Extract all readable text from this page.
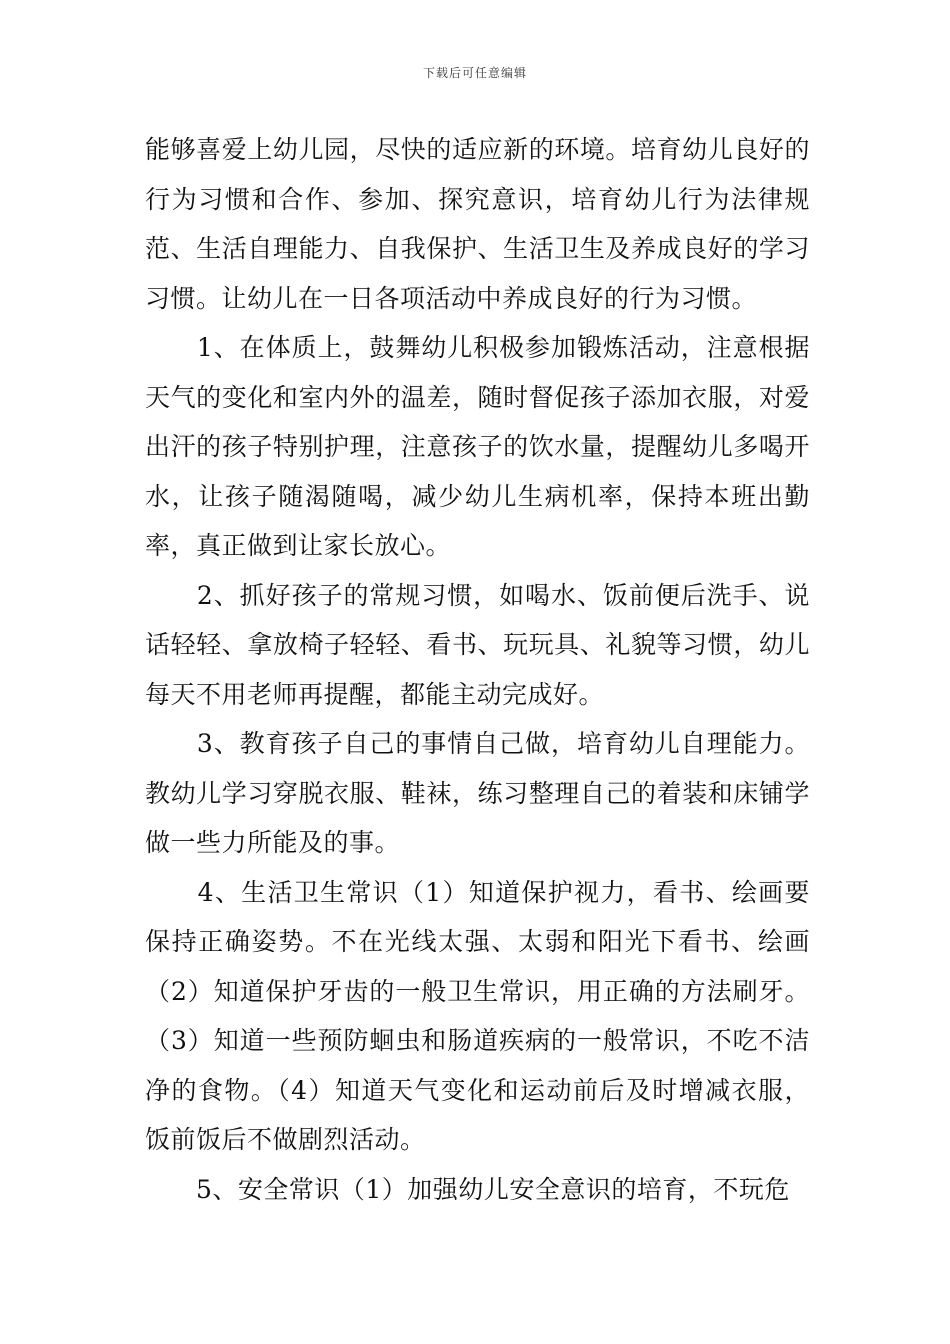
下载后可任意编辑

能够喜爱上幼儿园，尽快的适应新的环境。培育幼儿良好的行为习惯和合作、参加、探究意识，培育幼儿行为法律规范、生活自理能力、自我保护、生活卫生及养成良好的学习习惯。让幼儿在一日各项活动中养成良好的行为习惯。

　　1、在体质上，鼓舞幼儿积极参加锻炼活动，注意根据天气的变化和室内外的温差，随时督促孩子添加衣服，对爱出汗的孩子特别护理，注意孩子的饮水量，提醒幼儿多喝开水，让孩子随渴随喝，减少幼儿生病机率，保持本班出勤率，真正做到让家长放心。

　　2、抓好孩子的常规习惯，如喝水、饭前便后洗手、说话轻轻、拿放椅子轻轻、看书、玩玩具、礼貌等习惯，幼儿每天不用老师再提醒，都能主动完成好。

　　3、教育孩子自己的事情自己做，培育幼儿自理能力。教幼儿学习穿脱衣服、鞋袜，练习整理自己的着装和床铺学做一些力所能及的事。

　　4、生活卫生常识（1）知道保护视力，看书、绘画要保持正确姿势。不在光线太强、太弱和阳光下看书、绘画（2）知道保护牙齿的一般卫生常识，用正确的方法刷牙。（3）知道一些预防蛔虫和肠道疾病的一般常识，不吃不洁净的食物。（4）知道天气变化和运动前后及时增减衣服，饭前饭后不做剧烈活动。

　　5、安全常识（1）加强幼儿安全意识的培育，不玩危
